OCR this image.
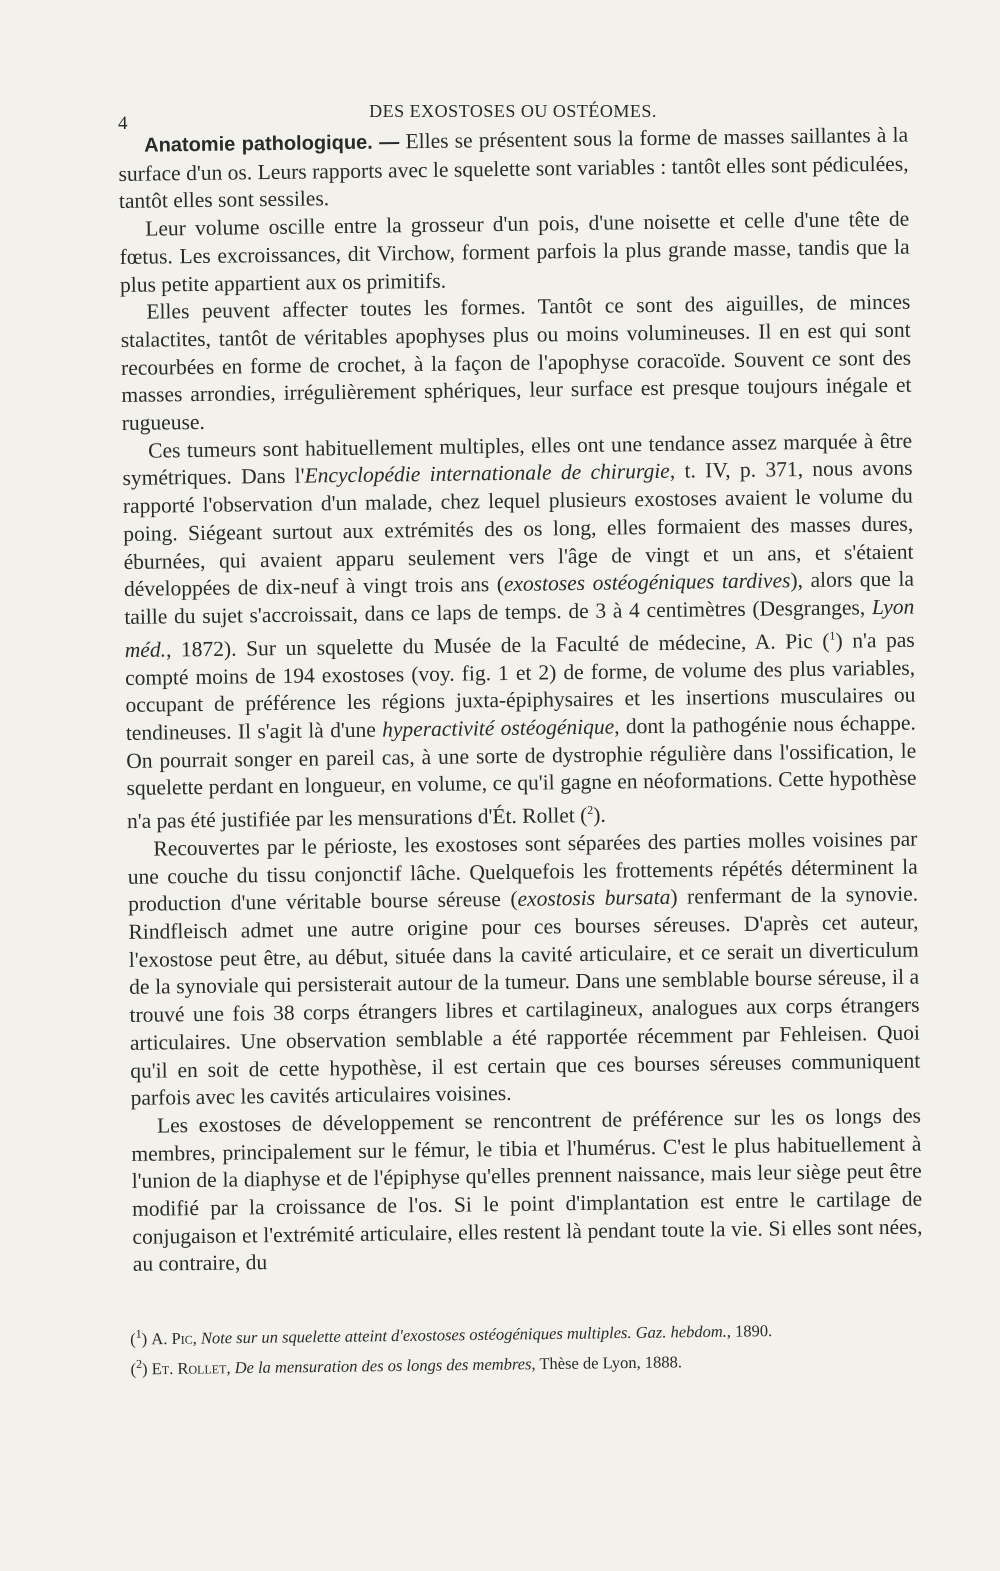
4
DES EXOSTOSES OU OSTÉOMES.

Anatomie pathologique. — Elles se présentent sous la forme de masses saillantes à la surface d'un os. Leurs rapports avec le squelette sont variables : tantôt elles sont pédiculées, tantôt elles sont sessiles.

Leur volume oscille entre la grosseur d'un pois, d'une noisette et celle d'une tête de fœtus. Les excroissances, dit Virchow, forment parfois la plus grande masse, tandis que la plus petite appartient aux os primitifs.

Elles peuvent affecter toutes les formes. Tantôt ce sont des aiguilles, de minces stalactites, tantôt de véritables apophyses plus ou moins volumineuses. Il en est qui sont recourbées en forme de crochet, à la façon de l'apophyse coracoïde. Souvent ce sont des masses arrondies, irrégulièrement sphériques, leur surface est presque toujours inégale et rugueuse.

Ces tumeurs sont habituellement multiples, elles ont une tendance assez marquée à être symétriques. Dans l'Encyclopédie internationale de chirurgie, t. IV, p. 371, nous avons rapporté l'observation d'un malade, chez lequel plusieurs exostoses avaient le volume du poing. Siégeant surtout aux extrémités des os long, elles formaient des masses dures, éburnées, qui avaient apparu seulement vers l'âge de vingt et un ans, et s'étaient développées de dix-neuf à vingt trois ans (exostoses ostéogéniques tardives), alors que la taille du sujet s'accroissait, dans ce laps de temps. de 3 à 4 centimètres (Desgranges, Lyon méd., 1872). Sur un squelette du Musée de la Faculté de médecine, A. Pic ($^1$) n'a pas compté moins de 194 exostoses (voy. fig. 1 et 2) de forme, de volume des plus variables, occupant de préférence les régions juxta-épiphysaires et les insertions musculaires ou tendineuses. Il s'agit là d'une hyperactivité ostéogénique, dont la pathogénie nous échappe. On pourrait songer en pareil cas, à une sorte de dystrophie régulière dans l'ossification, le squelette perdant en longueur, en volume, ce qu'il gagne en néoformations. Cette hypothèse n'a pas été justifiée par les mensurations d'Ét. Rollet ($^2$).

Recouvertes par le périoste, les exostoses sont séparées des parties molles voisines par une couche du tissu conjonctif lâche. Quelquefois les frottements répétés déterminent la production d'une véritable bourse séreuse (exostosis bursata) renfermant de la synovie. Rindfleisch admet une autre origine pour ces bourses séreuses. D'après cet auteur, l'exostose peut être, au début, située dans la cavité articulaire, et ce serait un diverticulum de la synoviale qui persisterait autour de la tumeur. Dans une semblable bourse séreuse, il a trouvé une fois 38 corps étrangers libres et cartilagineux, analogues aux corps étrangers articulaires. Une observation semblable a été rapportée récemment par Fehleisen. Quoi qu'il en soit de cette hypothèse, il est certain que ces bourses séreuses communiquent parfois avec les cavités articulaires voisines.

Les exostoses de développement se rencontrent de préférence sur les os longs des membres, principalement sur le fémur, le tibia et l'humérus. C'est le plus habituellement à l'union de la diaphyse et de l'épiphyse qu'elles prennent naissance, mais leur siège peut être modifié par la croissance de l'os. Si le point d'implantation est entre le cartilage de conjugaison et l'extrémité articulaire, elles restent là pendant toute la vie. Si elles sont nées, au contraire, du

($^1$) A. Pic, Note sur un squelette atteint d'exostoses ostéogéniques multiples. Gaz. hebdom., 1890.
($^2$) Et. Rollet, De la mensuration des os longs des membres, Thèse de Lyon, 1888.
